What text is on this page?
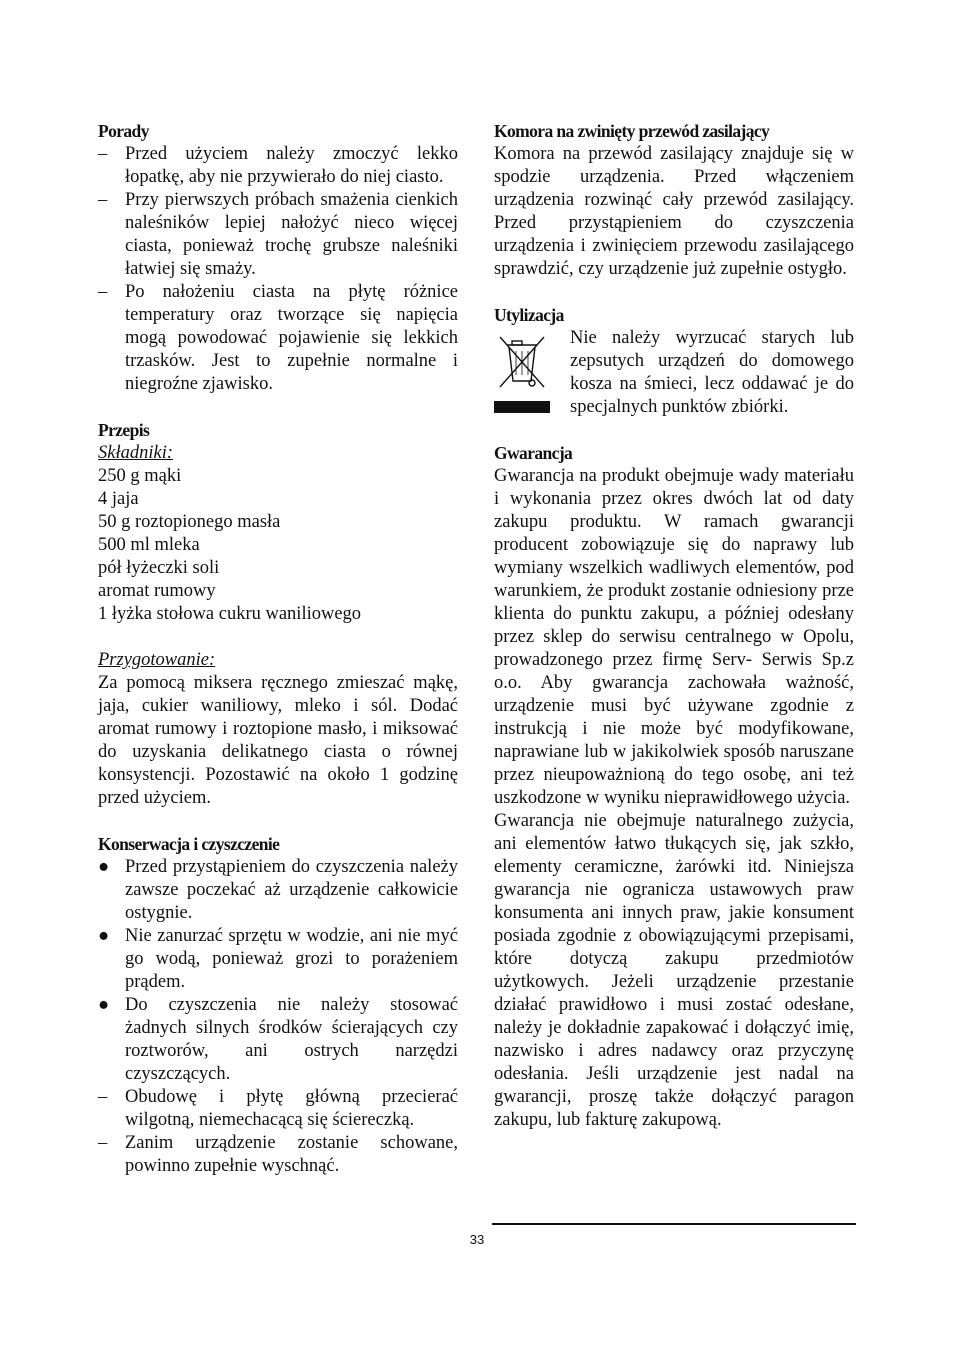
Porady
– Przed użyciem należy zmoczyć lekko łopatkę, aby nie przywierało do niej ciasto.
– Przy pierwszych próbach smażenia cienkich naleśników lepiej nałożyć nieco więcej ciasta, ponieważ trochę grubsze naleśniki łatwiej się smaży.
– Po nałożeniu ciasta na płytę różnice temperatury oraz tworzące się napięcia mogą powodować pojawienie się lekkich trzasków. Jest to zupełnie normalne i niegroźne zjawisko.
Przepis

Składniki:

250 g mąki

4 jaja

50 g roztopionego masła

500 ml mleka

pół łyżeczki soli

aromat rumowy

1 łyżka stołowa cukru waniliowego

Przygotowanie:

Za pomocą miksera ręcznego zmieszać mąkę, jaja, cukier waniliowy, mleko i sól. Dodać aromat rumowy i roztopione masło, i miksować do uzyskania delikatnego ciasta o równej konsystencji. Pozostawić na około 1 godzinę przed użyciem.

Konserwacja i czyszczenie
● Przed przystąpieniem do czyszczenia należy zawsze poczekać aż urządzenie całkowicie ostygnie.
● Nie zanurzać sprzętu w wodzie, ani nie myć go wodą, ponieważ grozi to porażeniem prądem.
● Do czyszczenia nie należy stosować żadnych silnych środków ścierających czy roztworów, ani ostrych narzędzi czyszczących.
– Obudowę i płytę główną przecierać wilgotną, niemechacącą się ściereczką.
– Zanim urządzenie zostanie schowane, powinno zupełnie wyschnąć.
Komora na zwinięty przewód zasilający

Komora na przewód zasilający znajduje się w spodzie urządzenia. Przed włączeniem urządzenia rozwinąć cały przewód zasilający. Przed przystąpieniem do czyszczenia urządzenia i zwinięciem przewodu zasilającego sprawdzić, czy urządzenie już zupełnie ostygło.

Utylizacja

Nie należy wyrzucać starych lub zepsutych urządzeń do domowego kosza na śmieci, lecz oddawać je do specjalnych punktów zbiórki.

Gwarancja

Gwarancja na produkt obejmuje wady materiału i wykonania przez okres dwóch lat od daty zakupu produktu. W ramach gwarancji producent zobowiązuje się do naprawy lub wymiany wszelkich wadliwych elementów, pod warunkiem, że produkt zostanie odniesiony prze klienta do punktu zakupu, a później odesłany przez sklep do serwisu centralnego w Opolu, prowadzonego przez firmę Serv- Serwis Sp.z o.o. Aby gwarancja zachowała ważność, urządzenie musi być używane zgodnie z instrukcją i nie może być modyfikowane, naprawiane lub w jakikolwiek sposób naruszane przez nieupoważnioną do tego osobę, ani też uszkodzone w wyniku nieprawidłowego użycia.

Gwarancja nie obejmuje naturalnego zużycia, ani elementów łatwo tłukących się, jak szkło, elementy ceramiczne, żarówki itd. Niniejsza gwarancja nie ogranicza ustawowych praw konsumenta ani innych praw, jakie konsument posiada zgodnie z obowiązującymi przepisami, które dotyczą zakupu przedmiotów użytkowych. Jeżeli urządzenie przestanie działać prawidłowo i musi zostać odesłane, należy je dokładnie zapakować i dołączyć imię, nazwisko i adres nadawcy oraz przyczynę odesłania. Jeśli urządzenie jest nadal na gwarancji, proszę także dołączyć paragon zakupu, lub fakturę zakupową.

33
